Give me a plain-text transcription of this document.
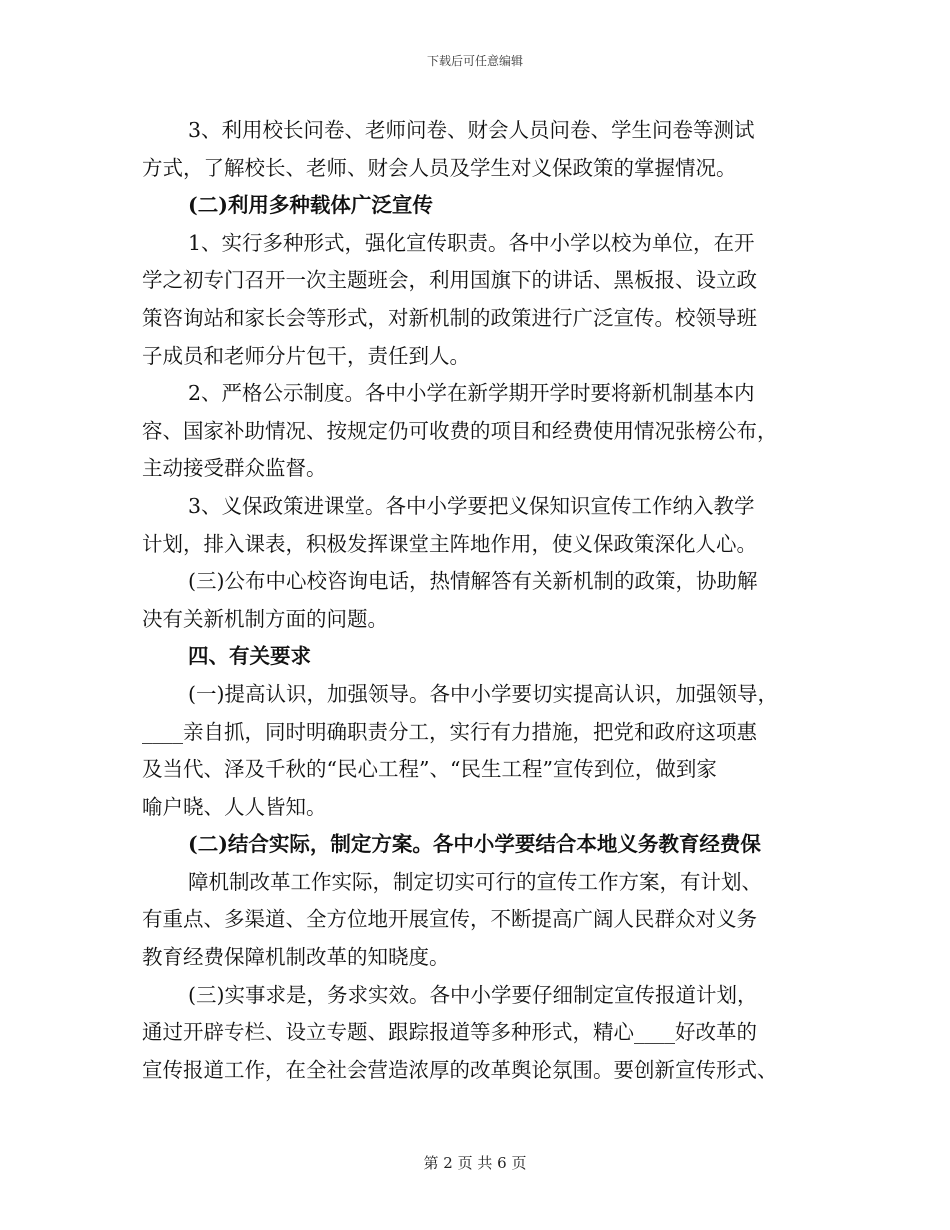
下载后可任意编辑
3、利用校长问卷、老师问卷、财会人员问卷、学生问卷等测试
方式，了解校长、老师、财会人员及学生对义保政策的掌握情况。
(二)利用多种载体广泛宣传
1、实行多种形式，强化宣传职责。各中小学以校为单位，在开
学之初专门召开一次主题班会，利用国旗下的讲话、黑板报、设立政
策咨询站和家长会等形式，对新机制的政策进行广泛宣传。校领导班
子成员和老师分片包干，责任到人。
2、严格公示制度。各中小学在新学期开学时要将新机制基本内
容、国家补助情况、按规定仍可收费的项目和经费使用情况张榜公布，
主动接受群众监督。
3、义保政策进课堂。各中小学要把义保知识宣传工作纳入教学
计划，排入课表，积极发挥课堂主阵地作用，使义保政策深化人心。
(三)公布中心校咨询电话，热情解答有关新机制的政策，协助解
决有关新机制方面的问题。
四、有关要求
(一)提高认识，加强领导。各中小学要切实提高认识，加强领导，
____亲自抓，同时明确职责分工，实行有力措施，把党和政府这项惠
及当代、泽及千秋的“民心工程”、“民生工程”宣传到位，做到家
喻户晓、人人皆知。
(二)结合实际，制定方案。各中小学要结合本地义务教育经费保
障机制改革工作实际，制定切实可行的宣传工作方案，有计划、
有重点、多渠道、全方位地开展宣传，不断提高广阔人民群众对义务
教育经费保障机制改革的知晓度。
(三)实事求是，务求实效。各中小学要仔细制定宣传报道计划，
通过开辟专栏、设立专题、跟踪报道等多种形式，精心____好改革的
宣传报道工作，在全社会营造浓厚的改革舆论氛围。要创新宣传形式、
第 2 页 共 6 页
